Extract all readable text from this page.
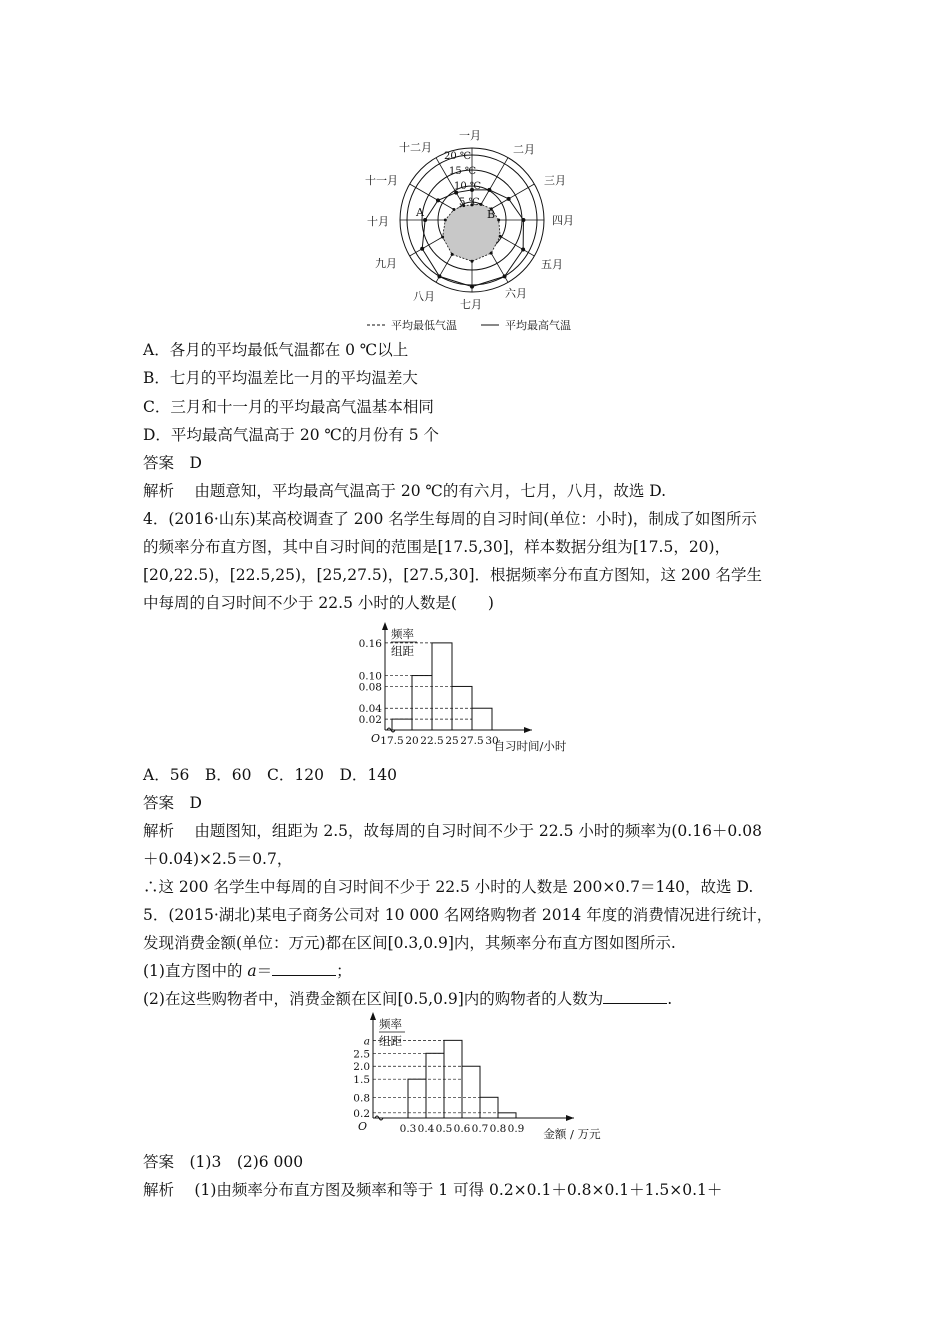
5 ℃
10 ℃
15 ℃
20 ℃
A	B
一月
二月
三月
四月
五月
六月
七月
八月
九月
十月
十一月
十二月
平均最低气温	平均最高气温
A．各月的平均最低气温都在 0 ℃以上
B．七月的平均温差比一月的平均温差大
C．三月和十一月的平均最高气温基本相同
D．平均最高气温高于 20 ℃的月份有 5 个
答案　D
解析　 由题意知，平均最高气温高于 20 ℃的有六月，七月，八月，故选 D.
4．(2016·山东)某高校调查了 200 名学生每周的自习时间(单位：小时)，制成了如图所示
的频率分布直方图，其中自习时间的范围是[17.5,30]，样本数据分组为[17.5，20)，
[20,22.5)，[22.5,25)，[25,27.5)，[27.5,30]．根据频率分布直方图知，这 200 名学生
中每周的自习时间不少于 22.5 小时的人数是(　　)
0.02
0.04
0.08
0.10
0.16
17.5 20 22.5 25 27.5 30
O
频率
组距
自习时间/小时
A．56　B．60　C．120　D．140
答案　D
解析　 由题图知，组距为 2.5，故每周的自习时间不少于 22.5 小时的频率为(0.16＋0.08
＋0.04)×2.5＝0.7，
∴这 200 名学生中每周的自习时间不少于 22.5 小时的人数是 200×0.7＝140，故选 D.
5．(2015·湖北)某电子商务公司对 10 000 名网络购物者 2014 年度的消费情况进行统计，
发现消费金额(单位：万元)都在区间[0.3,0.9]内，其频率分布直方图如图所示.
(1)直方图中的 a＝	；
(2)在这些购物者中，消费金额在区间[0.5,0.9]内的购物者的人数为	.
0.2
0.8
1.5
2.0
2.5
a
0.3 0.4 0.5 0.6 0.7 0.8 0.9
O
频率
组距
金额 / 万元
答案　(1)3　(2)6 000
解析　 (1)由频率分布直方图及频率和等于 1 可得 0.2×0.1＋0.8×0.1＋1.5×0.1＋
